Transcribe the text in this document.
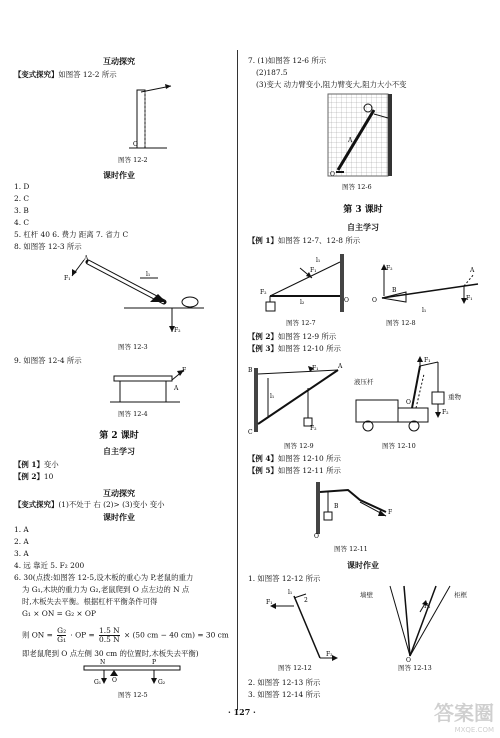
互动探究
【变式探究】如图答 12-2 所示
O
图答 12-2
课时作业
1. D
2. C
3. B
4. C
5. 杠杆 40 6. 费力 距离 7. 省力 C
8. 如图答 12-3 所示
A
F₁
l₁
F₂
图答 12-3
9. 如图答 12-4 所示
F
A
图答 12-4
第 2 课时
自主学习
【例 1】变小
【例 2】10
互动探究
【变式探究】(1)不处于 右 (2)> (3)变小 变小
课时作业
1. A
2. A
3. A
4. 远 靠近 5. F₂ 200
6. 30(点拨:如图答 12-5,设木板的重心为 P,老鼠的重力
为 G₁,木块的重力为 G₂,老鼠爬到 O 点左边的 N 点
时,木板失去平衡。根据杠杆平衡条件可得
G₁ × ON = G₂ × OP
则 ON = $\frac{\text{G₂}}{\text{G₁}}$ · OP = $\frac{1.5 N}{0.5 N} \times (50$ cm − 40 cm) = 30 cm
即老鼠爬到 O 点左侧 30 cm 的位置时,木板失去平衡)
N
O
P
G₁	G₂
图答 12-5
7. (1)如图答 12-6 所示
(2)187.5
(3)变大 动力臂变小,阻力臂变大,阻力大小不变
O
A
图答 12-6
第 3 课时
自主学习
【例 1】如图答 12-7、12-8 所示
F₁
l₂
l₁
F₂
O
图答 12-7
O
F₂
B
F₁
A
l₁
图答 12-8
【例 2】如图答 12-9 所示
【例 3】如图答 12-10 所示
B
C
A
l₁
F₁
F₂
图答 12-9
F₁
F₂
O
液压杆
重物
图答 12-10
【例 4】如图答 12-10 所示
【例 5】如图答 12-11 所示
O
F
B
图答 12-11
课时作业
1. 如图答 12-12 所示
F₁
l₁
2
F₂
图答 12-12
F₁
O
墙壁	柜框
图答 12-13
2. 如图答 12-13 所示
3. 如图答 12-14 所示
· 127 ·	答案圈
MXQE.COM
